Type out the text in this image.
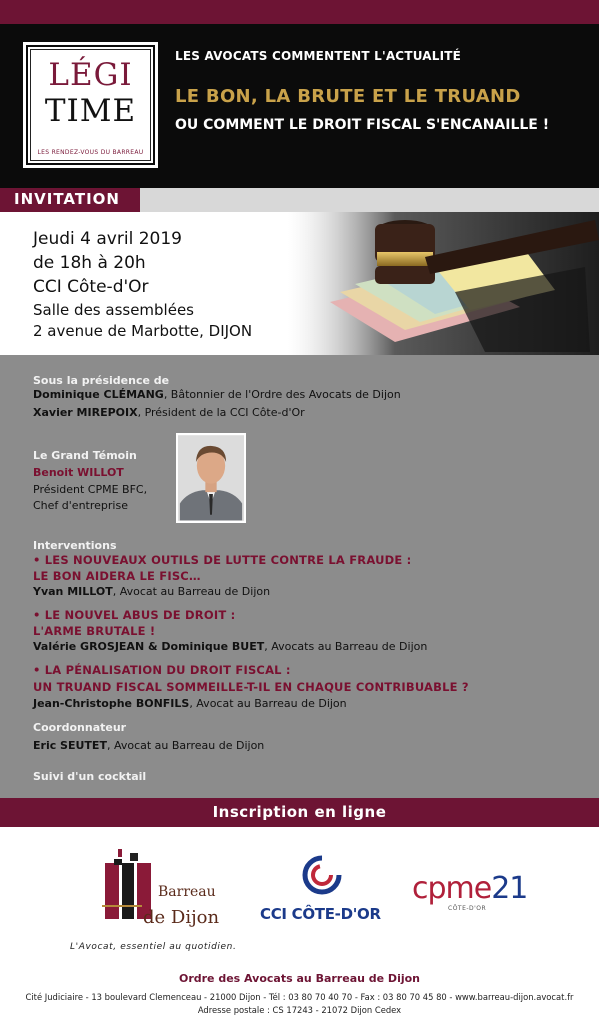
LÉGI
TIME
LES RENDEZ-VOUS DU BARREAU
LES AVOCATS COMMENTENT L'ACTUALITÉ
LE BON, LA BRUTE ET LE TRUAND
OU COMMENT LE DROIT FISCAL S'ENCANAILLE !
INVITATION
Jeudi 4 avril 2019
de 18h à 20h
CCI Côte-d'Or
Salle des assemblées
2 avenue de Marbotte, DIJON
Sous la présidence de
Dominique CLÉMANG, Bâtonnier de l'Ordre des Avocats de Dijon
Xavier MIREPOIX, Président de la CCI Côte-d'Or
Le Grand Témoin
Benoit WILLOT
Président CPME BFC,
Chef d'entreprise
Interventions
• LES NOUVEAUX OUTILS DE LUTTE CONTRE LA FRAUDE :
LE BON AIDERA LE FISC…
Yvan MILLOT, Avocat au Barreau de Dijon
• LE NOUVEL ABUS DE DROIT :
L'ARME BRUTALE !
Valérie GROSJEAN & Dominique BUET, Avocats au Barreau de Dijon
• LA PÉNALISATION DU DROIT FISCAL :
UN TRUAND FISCAL SOMMEILLE-T-IL EN CHAQUE CONTRIBUABLE ?
Jean-Christophe BONFILS, Avocat au Barreau de Dijon
Coordonnateur
Eric SEUTET, Avocat au Barreau de Dijon
Suivi d'un cocktail
Inscription en ligne
Barreau
de Dijon
L'Avocat, essentiel au quotidien.
CCI CÔTE-D'OR
cpme21
CÔTE-D'OR
Ordre des Avocats au Barreau de Dijon
Cité Judiciaire - 13 boulevard Clemenceau - 21000 Dijon - Tél : 03 80 70 40 70 - Fax : 03 80 70 45 80 - www.barreau-dijon.avocat.fr
Adresse postale : CS 17243 - 21072 Dijon Cedex
